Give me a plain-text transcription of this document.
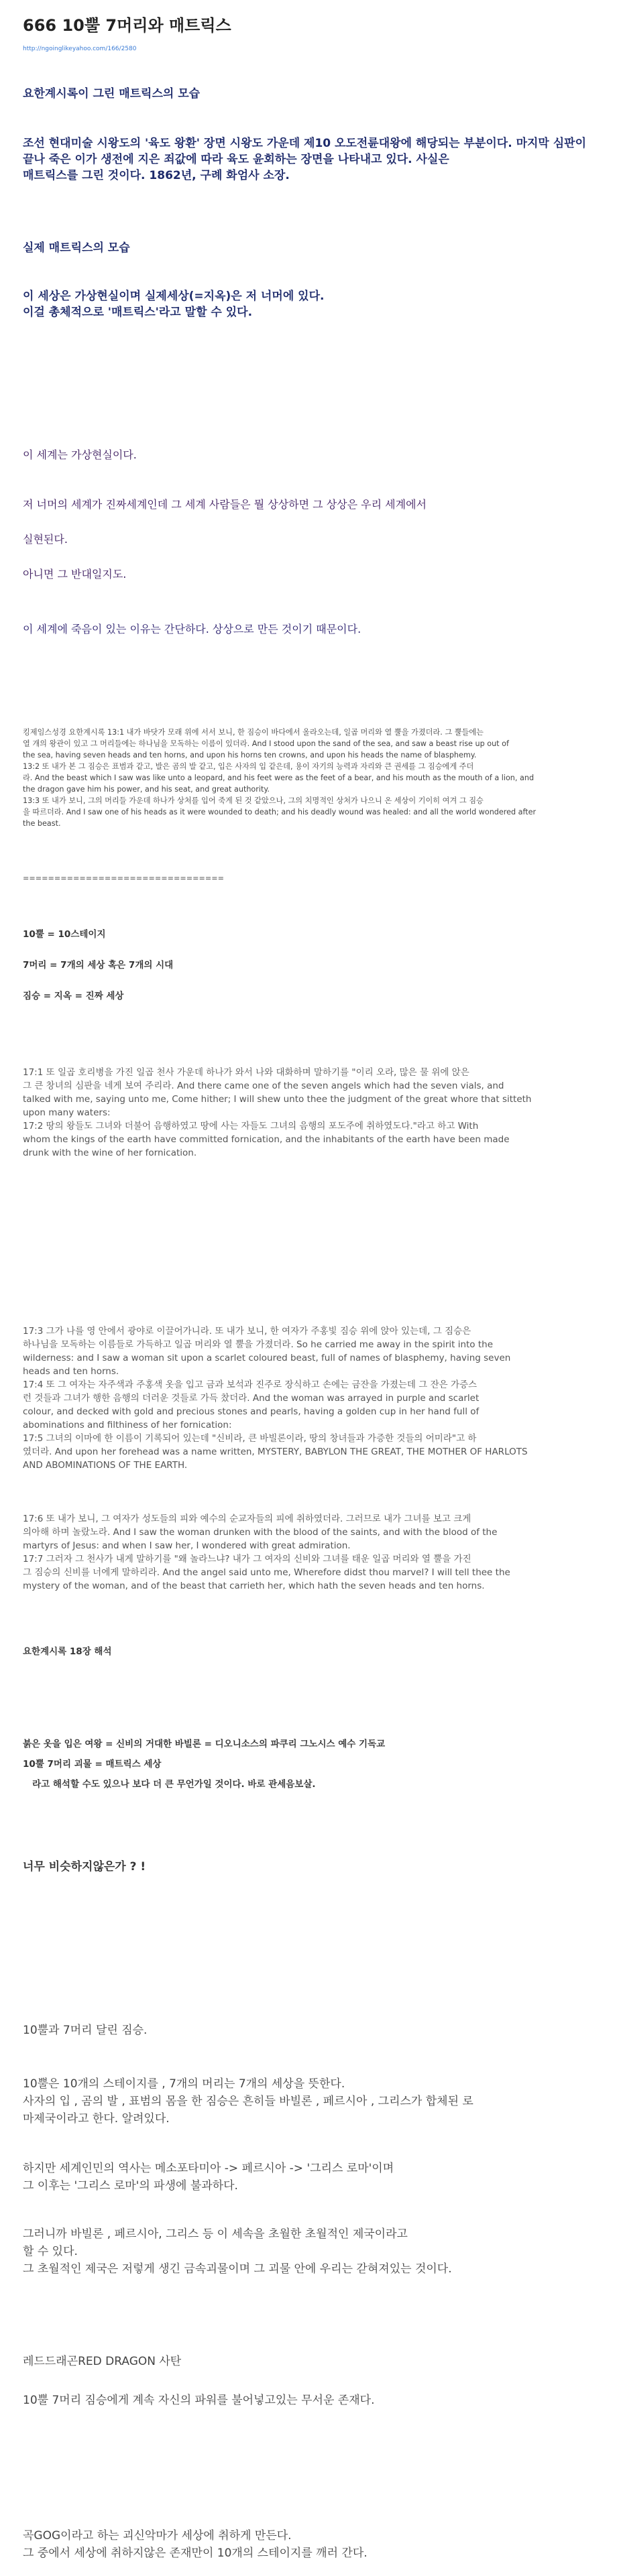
666 10뿔 7머리와 매트릭스
http://ngoinglikeyahoo.com/166/2580
요한계시록이 그린 매트릭스의 모습

조선 현대미술 시왕도의 '육도 왕환' 장면 시왕도 가운데 제10 오도전륜대왕에 해당되는 부분이다. 마지막 심판이 끝나 죽은 이가 생전에 지은 죄값에 따라 육도 윤회하는 장면을 나타내고 있다. 사실은

매트릭스를 그린 것이다. 1862년, 구례 화엄사 소장.

실제 매트릭스의 모습

이 세상은 가상현실이며 실제세상(=지옥)은 저 너머에 있다.

이걸 총체적으로 '매트릭스'라고 말할 수 있다.

이 세계는 가상현실이다.
저 너머의 세계가 진짜세계인데 그 세계 사람들은 뭘 상상하면 그 상상은 우리 세계에서
실현된다.
아니면 그 반대일지도.
이 세계에 죽음이 있는 이유는 간단하다. 상상으로 만든 것이기 때문이다.

킹제임스성경 요한계시록 13:1 내가 바닷가 모래 위에 서서 보니, 한 짐승이 바다에서 올라오는데, 일곱 머리와 열 뿔을 가졌더라. 그 뿔들에는

열 개의 왕관이 있고 그 머리들에는 하나님을 모독하는 이름이 있더라. And I stood upon the sand of the sea, and saw a beast rise up out of

the sea, having seven heads and ten horns, and upon his horns ten crowns, and upon his heads the name of blasphemy.

13:2 또 내가 본 그 짐승은 표범과 같고, 발은 곰의 발 같고, 입은 사자의 입 같은데, 용이 자기의 능력과 자리와 큰 권세를 그 짐승에게 주더

라. And the beast which I saw was like unto a leopard, and his feet were as the feet of a bear, and his mouth as the mouth of a lion, and

the dragon gave him his power, and his seat, and great authority.

13:3 또 내가 보니, 그의 머리들 가운데 하나가 상처를 입어 죽게 된 것 같았으나, 그의 치명적인 상처가 나으니 온 세상이 기이히 여겨 그 짐승

을 따르더라. And I saw one of his heads as it were wounded to death; and his deadly wound was healed: and all the world wondered after

the beast.

================================
10뿔 = 10스테이지
7머리 = 7개의 세상 혹은 7개의 시대
짐승 = 지옥 = 진짜 세상

17:1 또 일곱 호리병을 가진 일곱 천사 가운데 하나가 와서 나와 대화하며 말하기를 "이리 오라, 많은 물 위에 앉은

그 큰 창녀의 심판을 네게 보여 주리라. And there came one of the seven angels which had the seven vials, and

talked with me, saying unto me, Come hither; I will shew unto thee the judgment of the great whore that sitteth

upon many waters:

17:2 땅의 왕들도 그녀와 더불어 음행하였고 땅에 사는 자들도 그녀의 음행의 포도주에 취하였도다."라고 하고 With

whom the kings of the earth have committed fornication, and the inhabitants of the earth have been made

drunk with the wine of her fornication.

17:3 그가 나를 영 안에서 광야로 이끌어가니라. 또 내가 보니, 한 여자가 주홍빛 짐승 위에 앉아 있는데, 그 짐승은

하나님을 모독하는 이름들로 가득하고 일곱 머리와 열 뿔을 가졌더라. So he carried me away in the spirit into the

wilderness: and I saw a woman sit upon a scarlet coloured beast, full of names of blasphemy, having seven

heads and ten horns.

17:4 또 그 여자는 자주색과 주홍색 옷을 입고 금과 보석과 진주로 장식하고 손에는 금잔을 가졌는데 그 잔은 가증스

런 것들과 그녀가 행한 음행의 더러운 것들로 가득 찼더라. And the woman was arrayed in purple and scarlet

colour, and decked with gold and precious stones and pearls, having a golden cup in her hand full of

abominations and filthiness of her fornication:

17:5 그녀의 이마에 한 이름이 기록되어 있는데 "신비라, 큰 바빌론이라, 땅의 창녀들과 가증한 것들의 어미라"고 하

였더라. And upon her forehead was a name written, MYSTERY, BABYLON THE GREAT, THE MOTHER OF HARLOTS

AND ABOMINATIONS OF THE EARTH.

17:6 또 내가 보니, 그 여자가 성도들의 피와 예수의 순교자들의 피에 취하였더라. 그러므로 내가 그녀를 보고 크게

의아해 하며 놀랐노라. And I saw the woman drunken with the blood of the saints, and with the blood of the

martyrs of Jesus: and when I saw her, I wondered with great admiration.

17:7 그러자 그 천사가 내게 말하기를 "왜 놀라느냐? 내가 그 여자의 신비와 그녀를 태운 일곱 머리와 열 뿔을 가진

그 짐승의 신비를 너에게 말하리라. And the angel said unto me, Wherefore didst thou marvel? I will tell thee the

mystery of the woman, and of the beast that carrieth her, which hath the seven heads and ten horns.

요한계시록 18장 해석

붉은 옷을 입은 여왕 = 신비의 거대한 바빌론 = 디오니소스의 파쿠리 그노시스 예수 기독교

라고 해석할 수도 있으나 보다 더 큰 무언가일 것이다. 바로 관세음보살.

10뿔 7머리 괴물 = 매트릭스 세상
너무 비슷하지않은가 ? !
10뿔과 7머리 달린 짐승.

10뿔은 10개의 스테이지를 , 7개의 머리는 7개의 세상을 뜻한다.

사자의 입 , 곰의 발 , 표범의 몸을 한 짐승은 흔히들 바빌론 , 페르시아 , 그리스가 합체된 로

마제국이라고 한다. 알려있다.

하지만 세계인민의 역사는 메소포타미아 -> 페르시아 -> '그리스 로마'이며

그 이후는 '그리스 로마'의 파생에 불과하다.

그러니까 바빌론 , 페르시아, 그리스 등 이 세속을 초월한 초월적인 제국이라고

할 수 있다.

그 초월적인 제국은 저렇게 생긴 금속괴물이며 그 괴물 안에 우리는 갇혀져있는 것이다.

레드드래곤RED DRAGON 사탄
10뿔 7머리 짐승에게 계속 자신의 파워를 불어넣고있는 무서운 존재다.

곡GOG이라고 하는 괴신악마가 세상에 취하게 만든다.

그 중에서 세상에 취하지않은 존재만이 10개의 스테이지를 깨러 간다.
